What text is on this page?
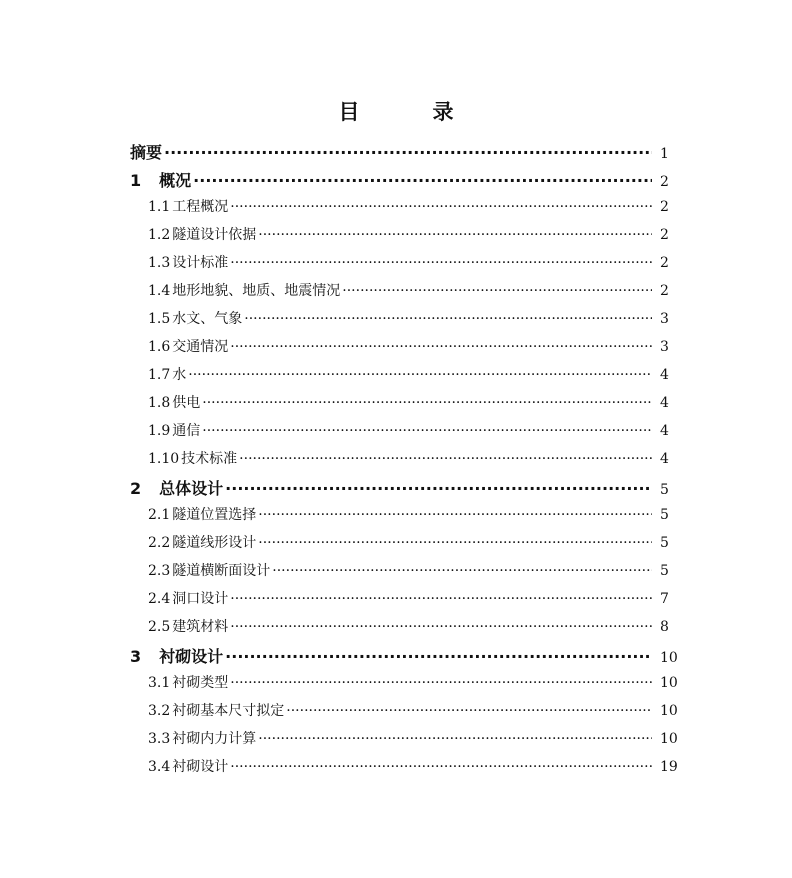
目　录
摘要 ·····	1
1 概况 ·····	2
1.1 工程概况 ·····	2
1.2 隧道设计依据 ·····	2
1.3 设计标准 ·····	2
1.4 地形地貌、地质、地震情况 ·····	2
1.5 水文、气象 ·····	3
1.6 交通情况 ·····	3
1.7 水 ·····	4
1.8 供电 ·····	4
1.9 通信 ·····	4
1.10 技术标准 ·····	4
2 总体设计 ·····	5
2.1 隧道位置选择 ·····	5
2.2 隧道线形设计 ·····	5
2.3 隧道横断面设计 ·····	5
2.4 洞口设计 ·····	7
2.5 建筑材料 ·····	8
3 衬砌设计 ·····	10
3.1 衬砌类型 ·····	10
3.2 衬砌基本尺寸拟定 ·····	10
3.3 衬砌内力计算 ·····	10
3.4 衬砌设计 ·····	19
